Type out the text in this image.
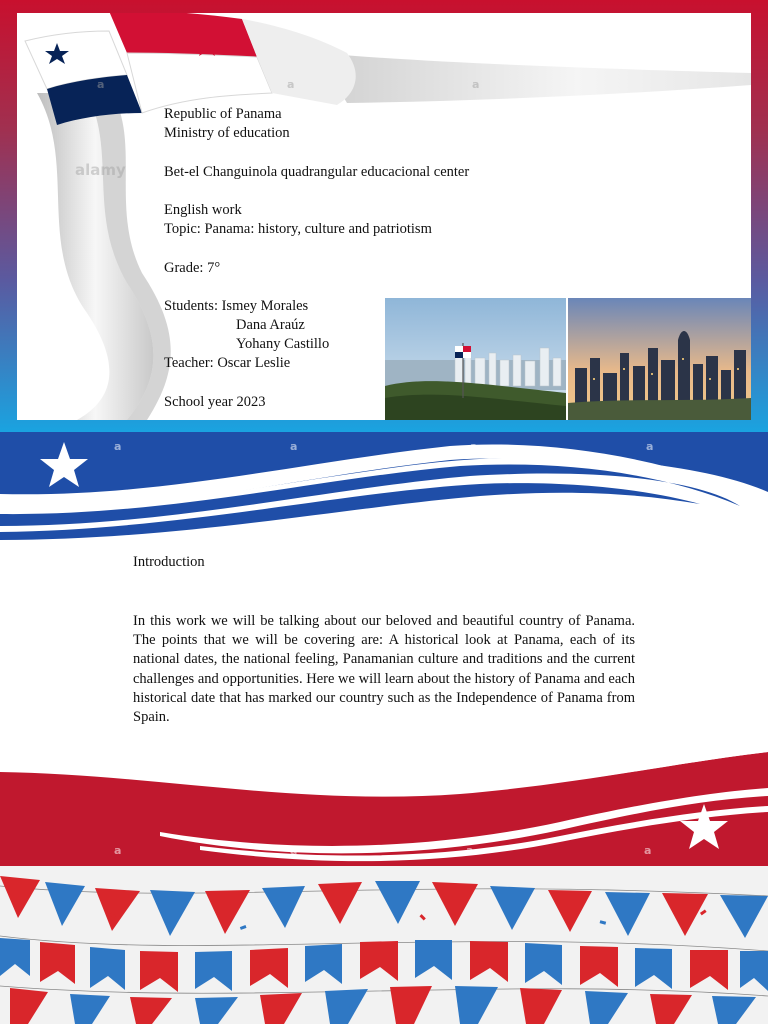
a	a	a
alamy
Republic of Panama
Ministry of education
Bet-el Changuinola quadrangular educacional center
English work
Topic: Panama: history, culture and patriotism
Grade: 7°
Students: Ismey Morales
Dana Araúz
Yohany Castillo
Teacher: Oscar Leslie
School year 2023
a	a	a	a
a	a	a	a
Introduction
In this work we will be talking about our beloved and beautiful country of Panama. The points that we will be covering are: A historical look at Panama, each of its national dates, the national feeling, Panamanian culture and traditions and the current challenges and opportunities. Here we will learn about the history of Panama and each historical date that has marked our country such as the Independence of Panama from Spain.
